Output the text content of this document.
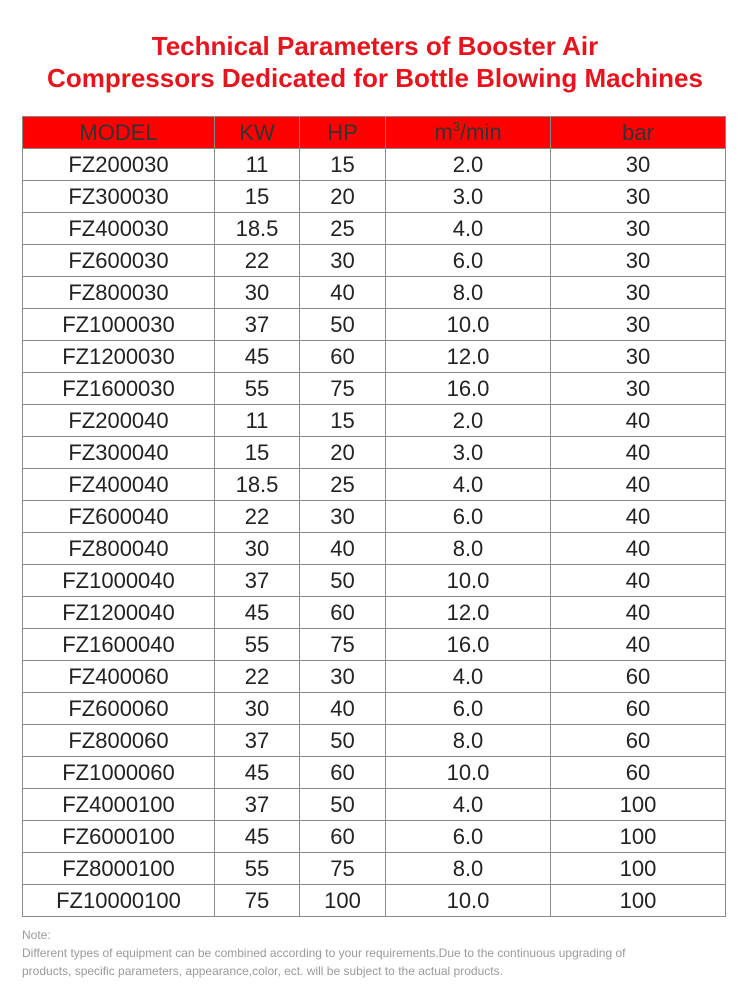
Technical Parameters of Booster Air
Compressors Dedicated for Bottle Blowing Machines
MODEL	KW	HP	$m^3/\min$	bar
FZ200030	11	15	2.0	30
FZ300030	15	20	3.0	30
FZ400030	18.5	25	4.0	30
FZ600030	22	30	6.0	30
FZ800030	30	40	8.0	30
FZ1000030	37	50	10.0	30
FZ1200030	45	60	12.0	30
FZ1600030	55	75	16.0	30
FZ200040	11	15	2.0	40
FZ300040	15	20	3.0	40
FZ400040	18.5	25	4.0	40
FZ600040	22	30	6.0	40
FZ800040	30	40	8.0	40
FZ1000040	37	50	10.0	40
FZ1200040	45	60	12.0	40
FZ1600040	55	75	16.0	40
FZ400060	22	30	4.0	60
FZ600060	30	40	6.0	60
FZ800060	37	50	8.0	60
FZ1000060	45	60	10.0	60
FZ4000100	37	50	4.0	100
FZ6000100	45	60	6.0	100
FZ8000100	55	75	8.0	100
FZ10000100	75	100	10.0	100
Note:
Different types of equipment can be combined according to your requirements.Due to the continuous upgrading of
products, specific parameters, appearance,color, ect. will be subject to the actual products.
